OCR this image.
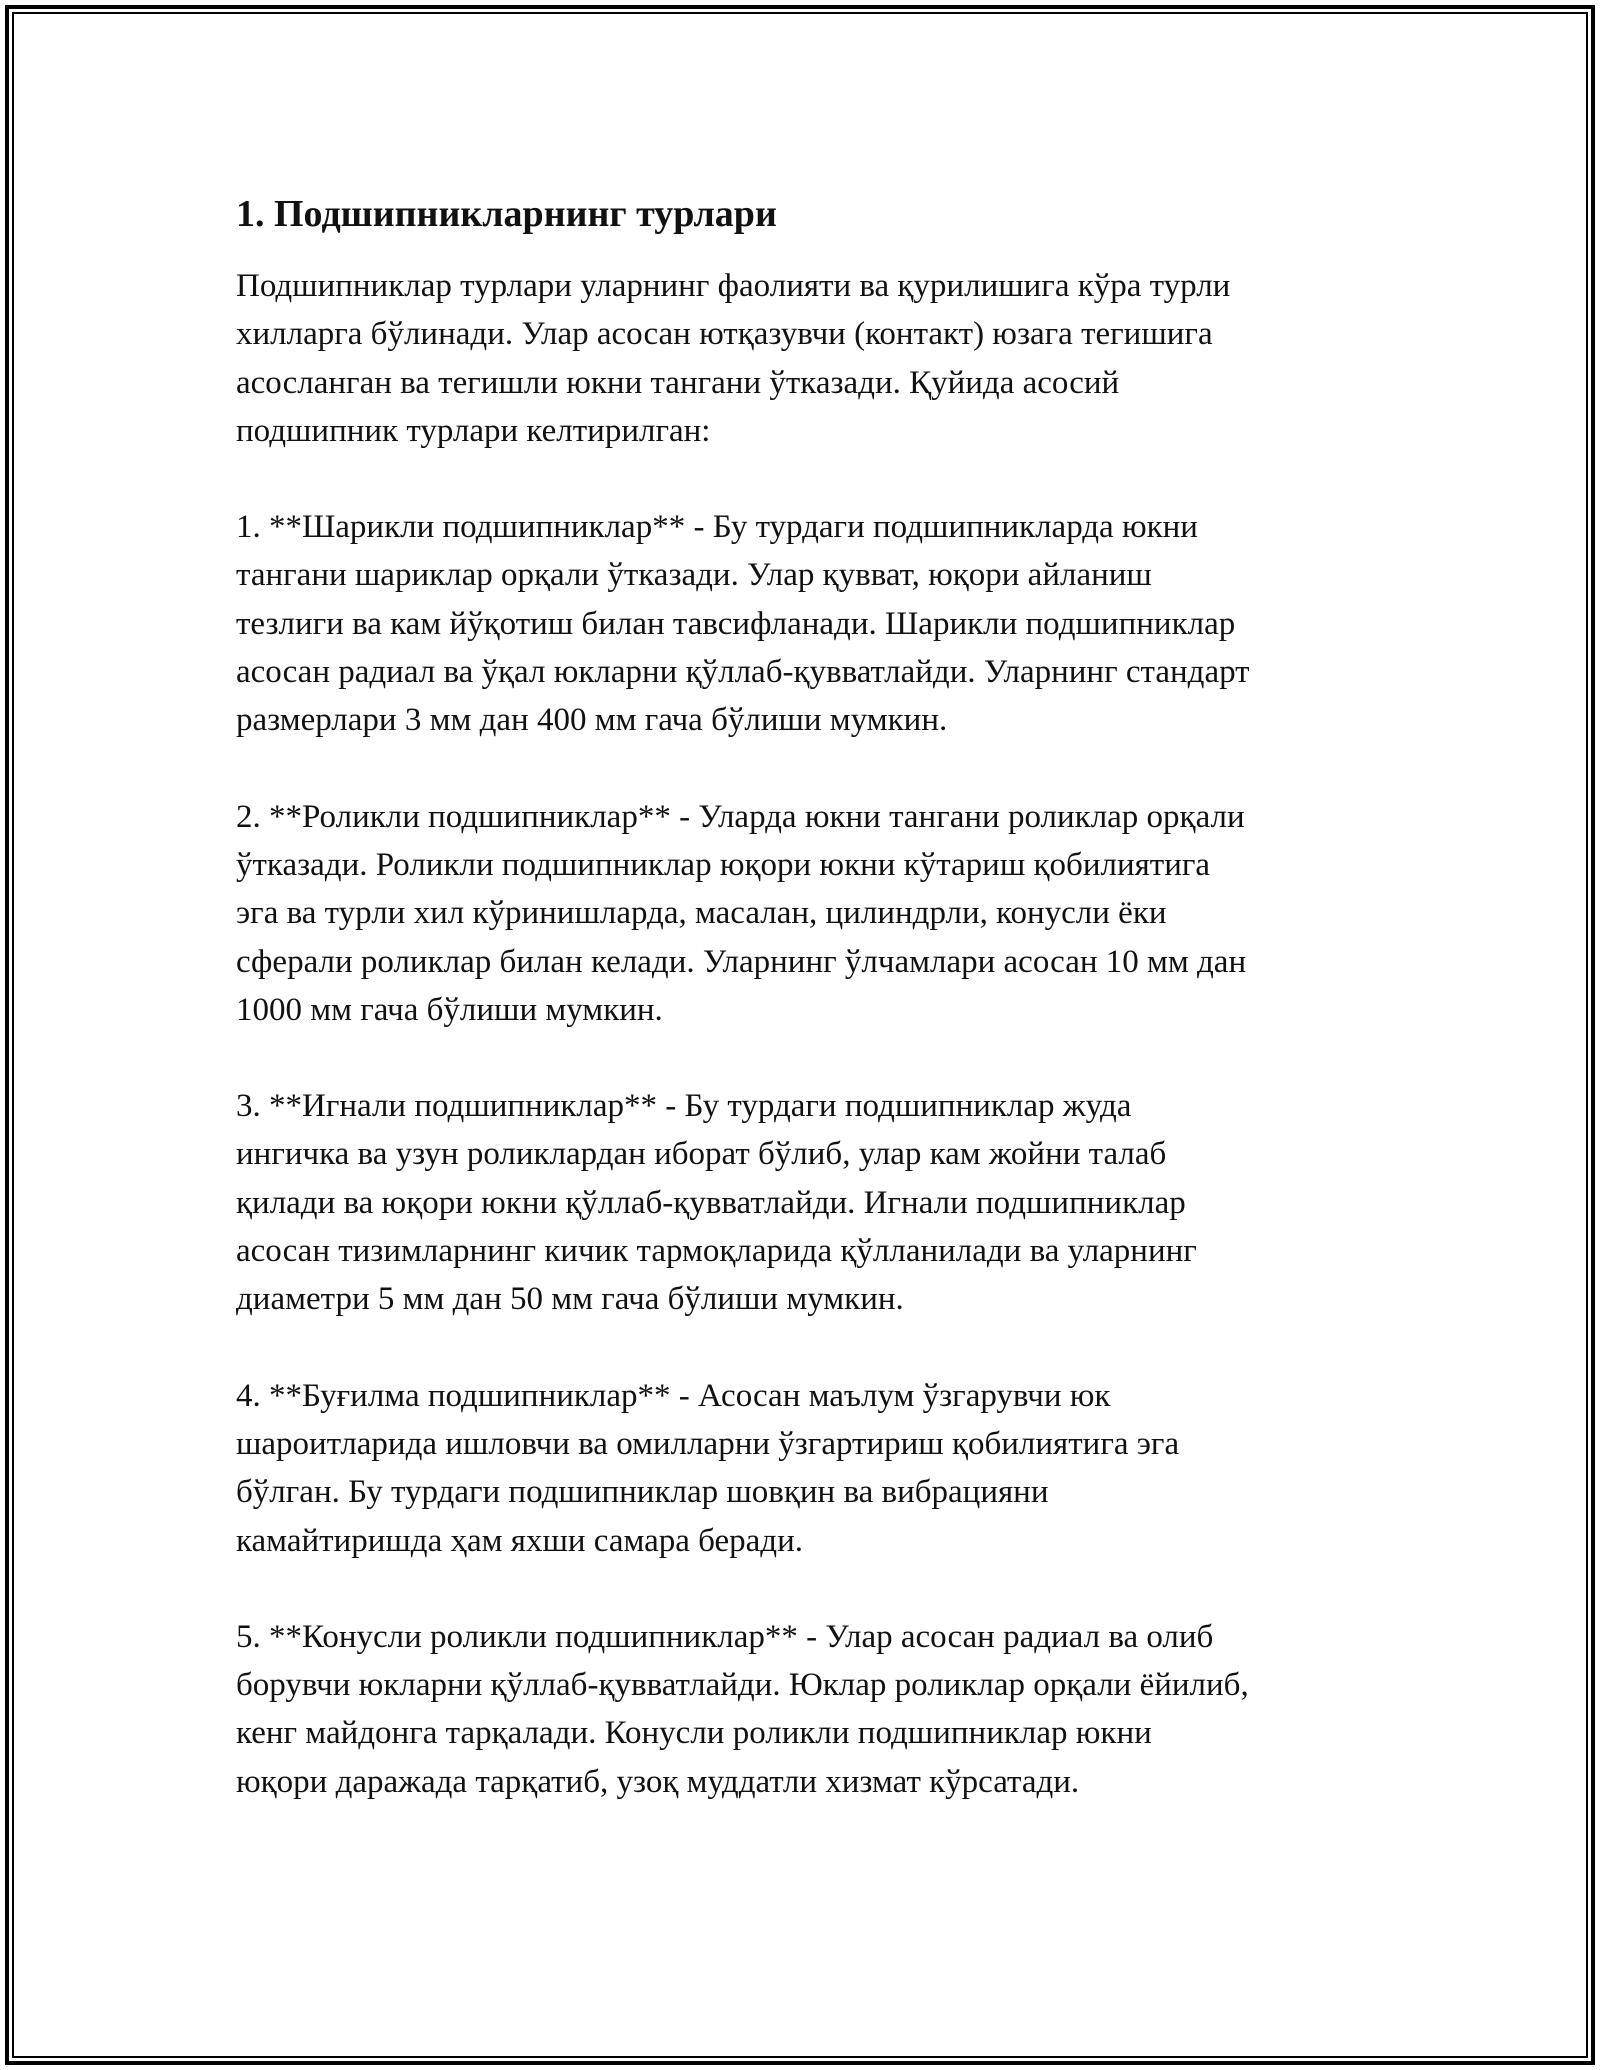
1. Подшипникларнинг турлари

Подшипниклар турлари уларнинг фаолияти ва қурилишига кўра турли
хилларга бўлинади. Улар асосан ютқазувчи (контакт) юзага тегишига
асосланган ва тегишли юкни тангани ўтказади. Қуйида асосий
подшипник турлари келтирилган:

1. **Шарикли подшипниклар** - Бу турдаги подшипникларда юкни
тангани шариклар орқали ўтказади. Улар қувват, юқори айланиш
тезлиги ва кам йўқотиш билан тавсифланади. Шарикли подшипниклар
асосан радиал ва ўқал юкларни қўллаб-қувватлайди. Уларнинг стандарт
размерлари 3 мм дан 400 мм гача бўлиши мумкин.

2. **Роликли подшипниклар** - Уларда юкни тангани роликлар орқали
ўтказади. Роликли подшипниклар юқори юкни кўтариш қобилиятига
эга ва турли хил кўринишларда, масалан, цилиндрли, конусли ёки
сферали роликлар билан келади. Уларнинг ўлчамлари асосан 10 мм дан
1000 мм гача бўлиши мумкин.

3. **Игнали подшипниклар** - Бу турдаги подшипниклар жуда
ингичка ва узун роликлардан иборат бўлиб, улар кам жойни талаб
қилади ва юқори юкни қўллаб-қувватлайди. Игнали подшипниклар
асосан тизимларнинг кичик тармоқларида қўлланилади ва уларнинг
диаметри 5 мм дан 50 мм гача бўлиши мумкин.

4. **Буғилма подшипниклар** - Асосан маълум ўзгарувчи юк
шароитларида ишловчи ва омилларни ўзгартириш қобилиятига эга
бўлган. Бу турдаги подшипниклар шовқин ва вибрацияни
камайтиришда ҳам яхши самара беради.

5. **Конусли роликли подшипниклар** - Улар асосан радиал ва олиб
борувчи юкларни қўллаб-қувватлайди. Юклар роликлар орқали ёйилиб,
кенг майдонга тарқалади. Конусли роликли подшипниклар юкни
юқори даражада тарқатиб, узоқ муддатли хизмат кўрсатади.
